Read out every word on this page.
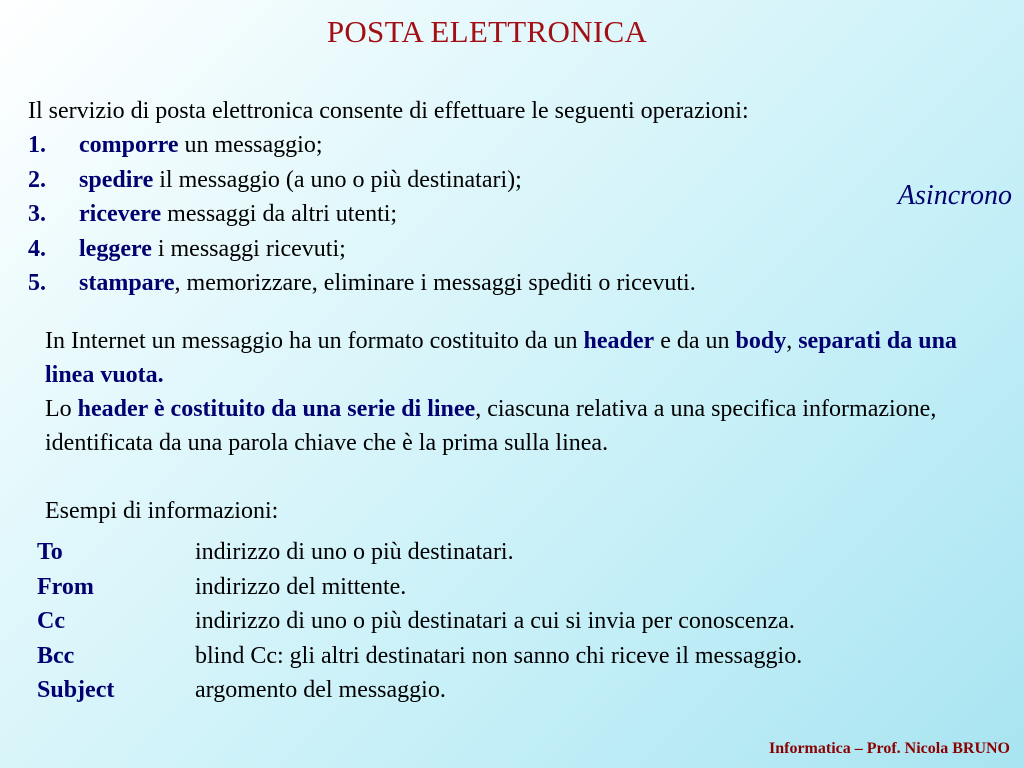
POSTA ELETTRONICA
Il servizio di posta elettronica consente di effettuare le seguenti operazioni:
1. comporre un messaggio;
2. spedire il messaggio (a uno o più destinatari);
3. ricevere messaggi da altri utenti;
4. leggere i messaggi ricevuti;
5. stampare, memorizzare, eliminare i messaggi spediti o ricevuti.
Asincrono
In Internet un messaggio ha un formato costituito da un header e da un body, separati da una linea vuota.
Lo header è costituito da una serie di linee, ciascuna relativa a una specifica informazione, identificata da una parola chiave che è la prima sulla linea.
Esempi di informazioni:
To	indirizzo di uno o più destinatari.
From	indirizzo del mittente.
Cc	indirizzo di uno o più destinatari a cui si invia per conoscenza.
Bcc	blind Cc: gli altri destinatari non sanno chi riceve il messaggio.
Subject	argomento del messaggio.
Informatica – Prof. Nicola BRUNO
